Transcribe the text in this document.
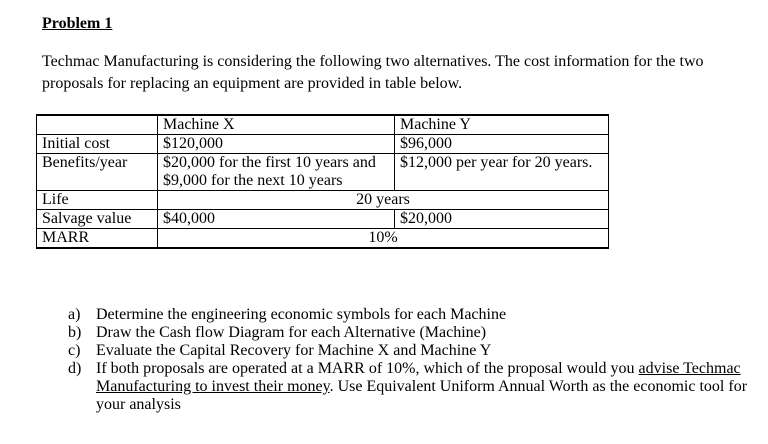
Problem 1

Techmac Manufacturing is considering the following two alternatives. The cost information for the two proposals for replacing an equipment are provided in table below.

	Machine X	Machine Y
Initial cost	$120,000	$96,000
Benefits/year	$20,000 for the first 10 years and $9,000 for the next 10 years	$12,000 per year for 20 years.
Life	20 years	
Salvage value	$40,000	$20,000
MARR	10%	
a) Determine the engineering economic symbols for each Machine
b) Draw the Cash flow Diagram for each Alternative (Machine)
c) Evaluate the Capital Recovery for Machine X and Machine Y
d) If both proposals are operated at a MARR of 10%, which of the proposal would you advise Techmac Manufacturing to invest their money. Use Equivalent Uniform Annual Worth as the economic tool for your analysis
